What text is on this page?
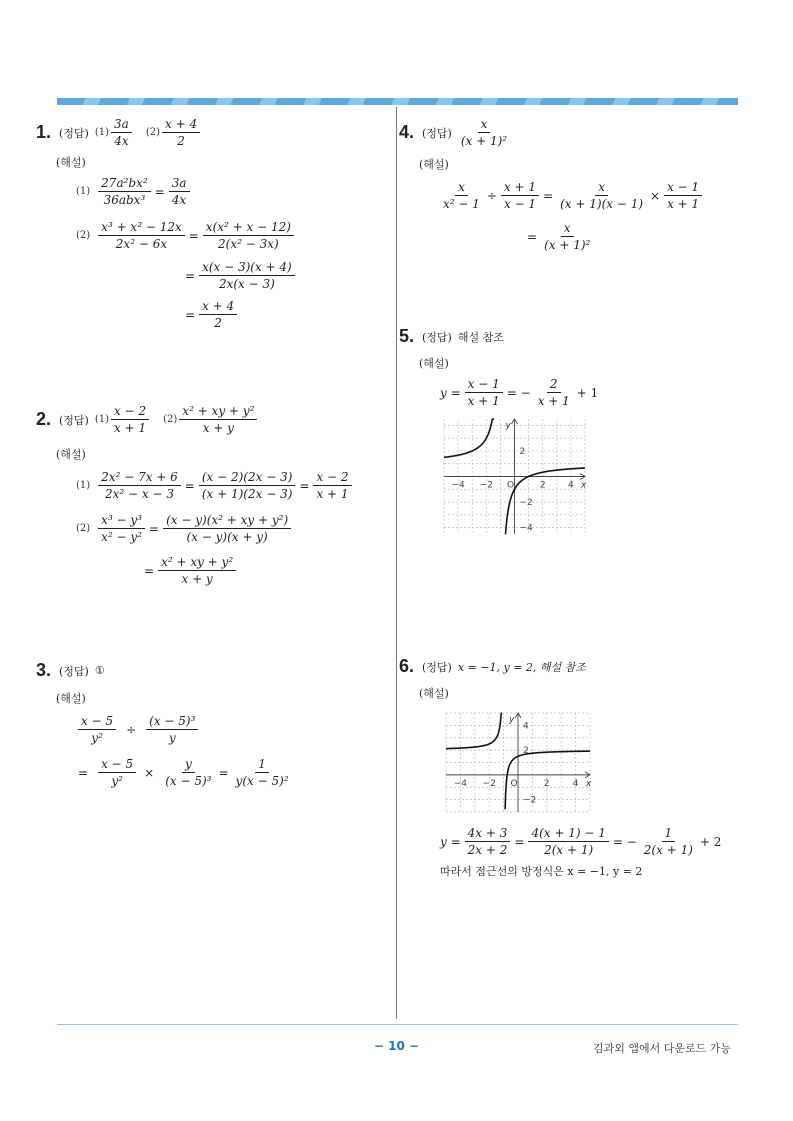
1. (정답) $(1) \frac{3a}{4x} (2) \frac{x + 4}{2}$
(해설)
$(1) \frac{\text{27a²bx²}}{\text{36abx³}} = \frac{3a}{4x}$
$(2) \frac{\text{x³ + x² − 12x}}{\text{2x² − 6x}} = \frac{\text{x(x² + x − 12)}}{\text{2(x² − 3x)}}$
= $\frac{x(x - 3)(x + 4)}{2x(x - 3)}$
= $\frac{x + 4}{2}$
2. (정답) $(1) \frac{x - 2}{x + 1} (2) \frac{\text{x² + xy + y²}}{x + y}$
(해설)
$(1) \frac{\text{2x² − 7x + 6}}{\text{2x² − x − 3}} = \frac{(x - 2)(2x - 3)}{(x + 1)(2x - 3)} = \frac{x - 2}{x + 1}$
$(2) \frac{\text{x³ − y³}}{\text{x² − y²}} = \frac{\text{(x − y)(x² + xy + y²)}}{(x - y)(x + y)}$
= $\frac{\text{x² + xy + y²}}{x + y}$
3. (정답) ①
(해설)
$\frac{x - 5}{\text{y²}} \div \frac{\text{(x − 5)³}}{y}$
= $\frac{x - 5}{\text{y²}} \times \frac{y}{\text{(x − 5)³}} = \frac{1}{\text{y(x − 5)²}}$
4. (정답) $\frac{x}{\text{(x + 1)²}}$
(해설)
$\frac{x}{\text{x² − 1}} \div \frac{x + 1}{x - 1} = \frac{x}{(x + 1)(x - 1)} \times \frac{x - 1}{x + 1}$
= $\frac{x}{\text{(x + 1)²}}$
5. (정답) 해설 참조
(해설)
$y = \frac{x - 1}{x + 1}$ = − $\frac{2}{x + 1} + 1$
−4 −2 O	2 4
2
−2
−4
x
y
6. (정답) x = −1, y = 2, 해설 참조
(해설)
−4 −2 O	2	4
4
2
−2
x
y
$y = \frac{4x + 3}{2x + 2} = \frac{4(x + 1) - 1}{2(x + 1)}$ = − $\frac{1}{2(x + 1)} + 2$
따라서 점근선의 방정식은 x = −1, y = 2
− 10 −	김과외 앱에서 다운로드 가능
